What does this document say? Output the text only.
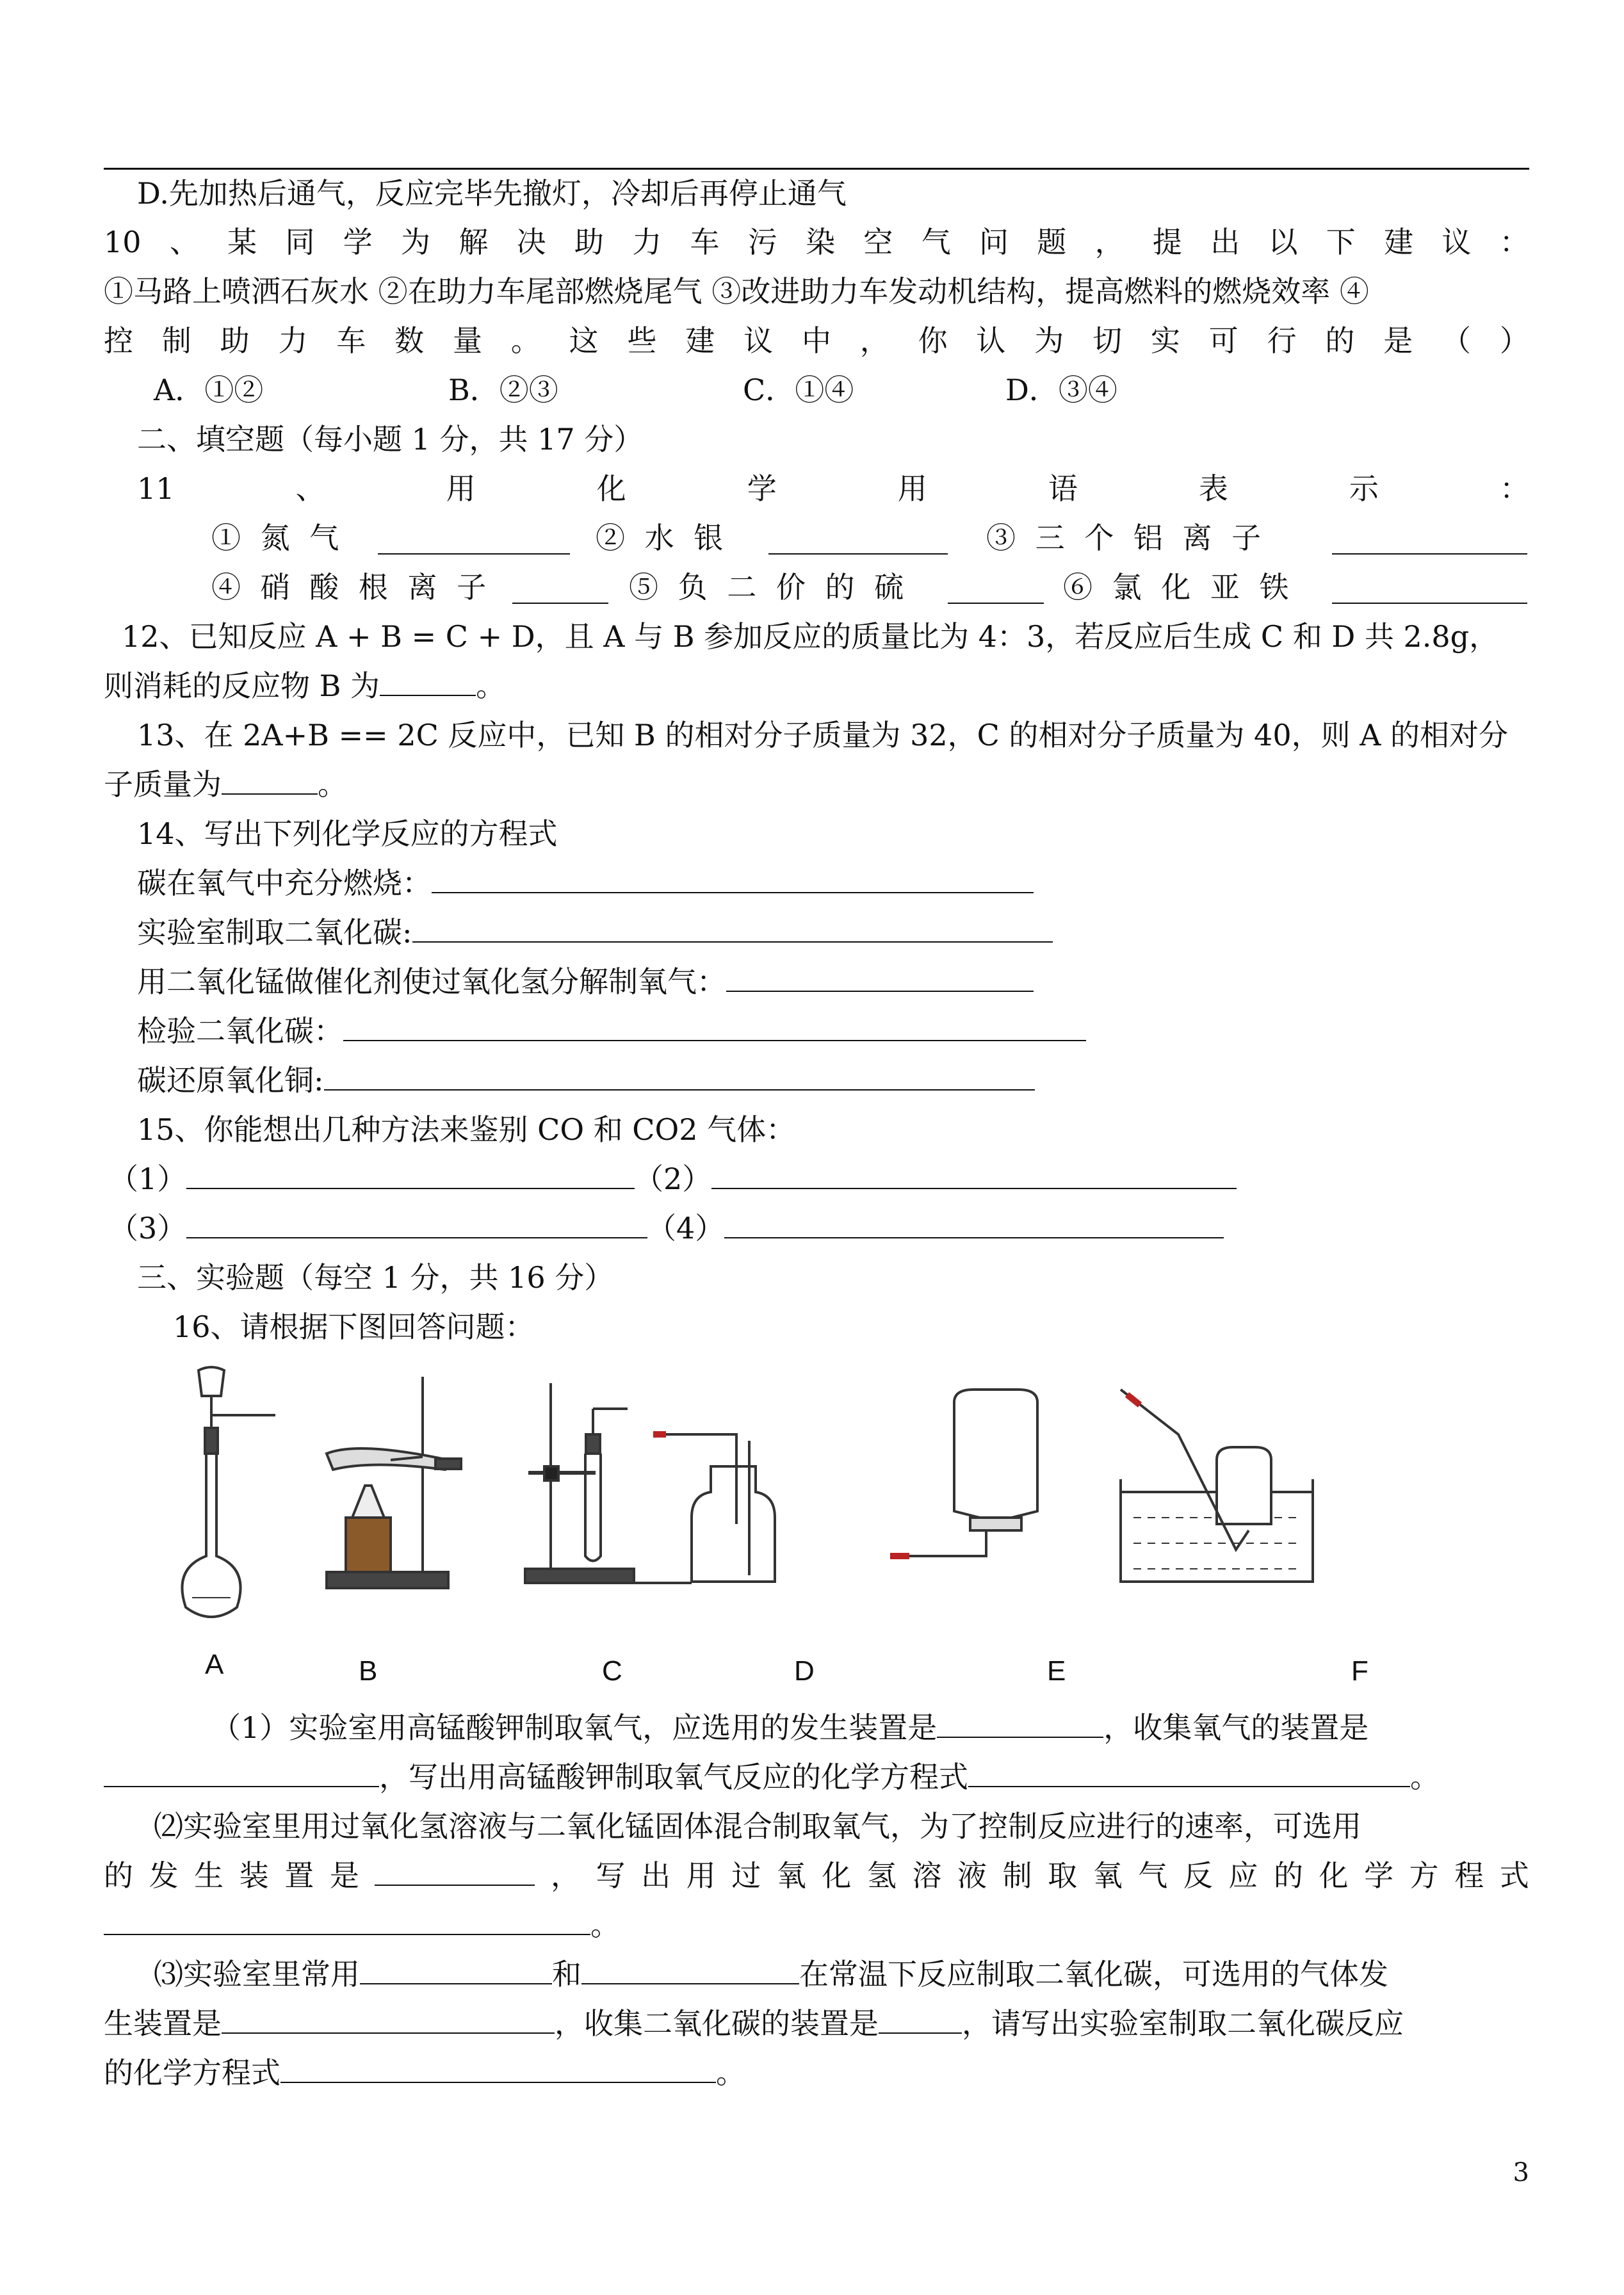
D.先加热后通气，反应完毕先撤灯，冷却后再停止通气
10 、 某 同 学 为 解 决 助 力 车 污 染 空 气 问 题 ， 提 出 以 下 建 议 ：
①马路上喷洒石灰水 ②在助力车尾部燃烧尾气 ③改进助力车发动机结构，提高燃料的燃烧效率 ④
控 制 助 力 车 数 量 。 这 些 建 议 中 ， 你 认 为 切 实 可 行 的 是 （ ）
A．①②	B．②③	C．①④	D．③④
二、填空题（每小题 1 分，共 17 分）
11	、	用	化	学	用	语	表	示	：
① 氮 气	② 水 银	③ 三 个 铝 离 子
④ 硝 酸 根 离 子	⑤ 负 二 价 的 硫	⑥ 氯 化 亚 铁
12、已知反应 A + B = C + D，且 A 与 B 参加反应的质量比为 4：3，若反应后生成 C 和 D 共 2.8g，
则消耗的反应物 B 为	。
13、在 2A+B == 2C 反应中，已知 B 的相对分子质量为 32，C 的相对分子质量为 40，则 A 的相对分
子质量为	。
14、写出下列化学反应的方程式
碳在氧气中充分燃烧：
实验室制取二氧化碳:
用二氧化锰做催化剂使过氧化氢分解制氧气：
检验二氧化碳：
碳还原氧化铜:
15、你能想出几种方法来鉴别 CO 和 CO2 气体：
（1）	（2）
（3）	（4）
三、实验题（每空 1 分，共 16 分）
16、请根据下图回答问题：
A	B	C	D	E	F
（1）实验室用高锰酸钾制取氧气，应选用的发生装置是	，收集氧气的装置是
，写出用高锰酸钾制取氧气反应的化学方程式	。
⑵实验室里用过氧化氢溶液与二氧化锰固体混合制取氧气，为了控制反应进行的速率，可选用
的 发 生 装 置 是	， 写 出 用 过 氧 化 氢 溶 液 制 取 氧 气 反 应 的 化 学 方 程 式
。
⑶实验室里常用	和	在常温下反应制取二氧化碳，可选用的气体发
生装置是	，收集二氧化碳的装置是	，请写出实验室制取二氧化碳反应
的化学方程式	。
3
